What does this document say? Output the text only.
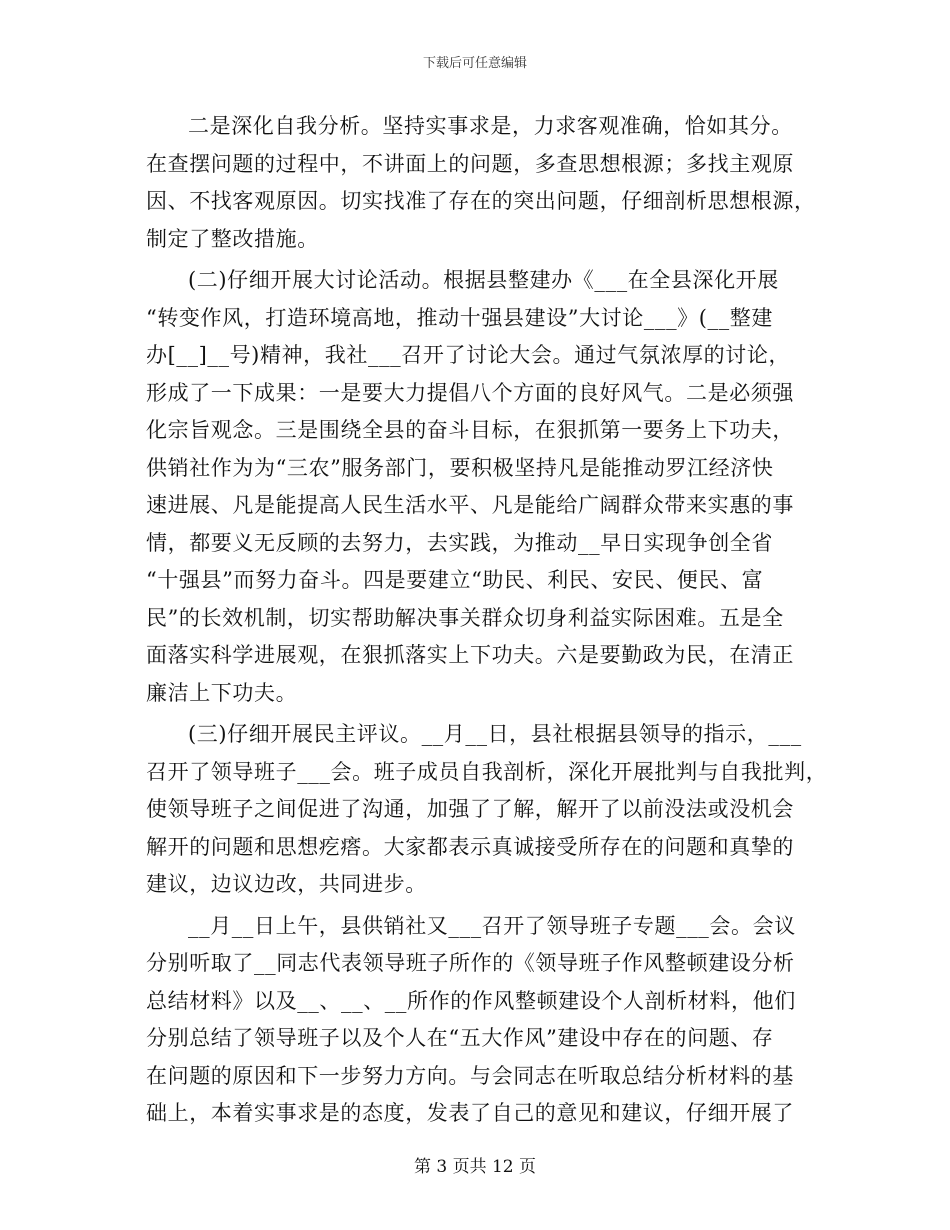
下载后可任意编辑
二是深化自我分析。坚持实事求是，力求客观准确，恰如其分。
在查摆问题的过程中，不讲面上的问题，多查思想根源；多找主观原
因、不找客观原因。切实找准了存在的突出问题，仔细剖析思想根源，
制定了整改措施。
(二)仔细开展大讨论活动。根据县整建办《___在全县深化开展
“转变作风，打造环境高地，推动十强县建设”大讨论___》(__整建
办[__]__号)精神，我社___召开了讨论大会。通过气氛浓厚的讨论，
形成了一下成果：一是要大力提倡八个方面的良好风气。二是必须强
化宗旨观念。三是围绕全县的奋斗目标，在狠抓第一要务上下功夫，
供销社作为为“三农”服务部门，要积极坚持凡是能推动罗江经济快
速进展、凡是能提高人民生活水平、凡是能给广阔群众带来实惠的事
情，都要义无反顾的去努力，去实践，为推动__早日实现争创全省
“十强县”而努力奋斗。四是要建立“助民、利民、安民、便民、富
民”的长效机制，切实帮助解决事关群众切身利益实际困难。五是全
面落实科学进展观，在狠抓落实上下功夫。六是要勤政为民，在清正
廉洁上下功夫。
(三)仔细开展民主评议。__月__日，县社根据县领导的指示，___
召开了领导班子___会。班子成员自我剖析，深化开展批判与自我批判，
使领导班子之间促进了沟通，加强了了解，解开了以前没法或没机会
解开的问题和思想疙瘩。大家都表示真诚接受所存在的问题和真挚的
建议，边议边改，共同进步。
__月__日上午，县供销社又___召开了领导班子专题___会。会议
分别听取了__同志代表领导班子所作的《领导班子作风整顿建设分析
总结材料》以及__、__、__所作的作风整顿建设个人剖析材料，他们
分别总结了领导班子以及个人在“五大作风”建设中存在的问题、存
在问题的原因和下一步努力方向。与会同志在听取总结分析材料的基
础上，本着实事求是的态度，发表了自己的意见和建议，仔细开展了
第 3 页共 12 页
